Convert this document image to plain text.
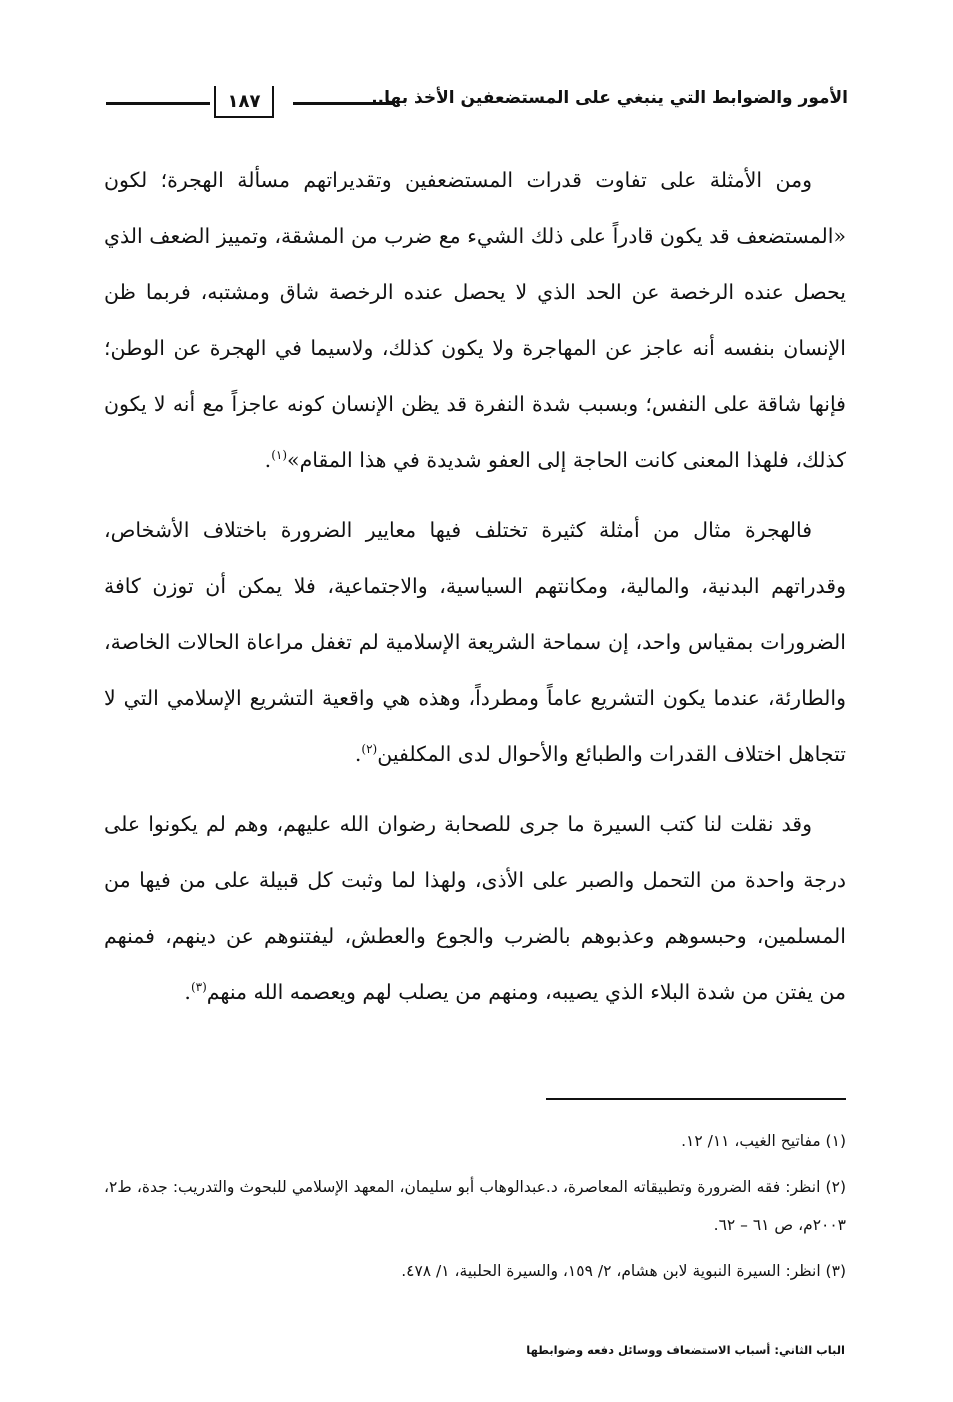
الأمور والضوابط التي ينبغي على المستضعفين الأخذ بها..
١٨٧

ومن الأمثلة على تفاوت قدرات المستضعفين وتقديراتهم مسألة الهجرة؛ لكون «المستضعف قد يكون قادراً على ذلك الشيء مع ضرب من المشقة، وتمييز الضعف الذي يحصل عنده الرخصة عن الحد الذي لا يحصل عنده الرخصة شاق ومشتبه، فربما ظن الإنسان بنفسه أنه عاجز عن المهاجرة ولا يكون كذلك، ولاسيما في الهجرة عن الوطن؛ فإنها شاقة على النفس؛ وبسبب شدة النفرة قد يظن الإنسان كونه عاجزاً مع أنه لا يكون كذلك، فلهذا المعنى كانت الحاجة إلى العفو شديدة في هذا المقام»$^{(١)}$.

فالهجرة مثال من أمثلة كثيرة تختلف فيها معايير الضرورة باختلاف الأشخاص، وقدراتهم البدنية، والمالية، ومكانتهم السياسية، والاجتماعية، فلا يمكن أن توزن كافة الضرورات بمقياس واحد، إن سماحة الشريعة الإسلامية لم تغفل مراعاة الحالات الخاصة، والطارئة، عندما يكون التشريع عاماً ومطرداً، وهذه هي واقعية التشريع الإسلامي التي لا تتجاهل اختلاف القدرات والطبائع والأحوال لدى المكلفين$^{(٢)}$.

وقد نقلت لنا كتب السيرة ما جرى للصحابة رضوان الله عليهم، وهم لم يكونوا على درجة واحدة من التحمل والصبر على الأذى، ولهذا لما وثبت كل قبيلة على من فيها من المسلمين، وحبسوهم وعذبوهم بالضرب والجوع والعطش، ليفتنوهم عن دينهم، فمنهم من يفتن من شدة البلاء الذي يصيبه، ومنهم من يصلب لهم ويعصمه الله منهم$^{(٣)}$.

(١) مفاتيح الغيب، ١١/ ١٢.

(٢) انظر: فقه الضرورة وتطبيقاته المعاصرة، د.عبدالوهاب أبو سليمان، المعهد الإسلامي للبحوث والتدريب: جدة، ط٢، ٢٠٠٣م، ص ٦١ – ٦٢.

(٣) انظر: السيرة النبوية لابن هشام، ٢/ ١٥٩، والسيرة الحلبية، ١/ ٤٧٨.

الباب الثاني: أسباب الاستضعاف ووسائل دفعه وضوابطها
